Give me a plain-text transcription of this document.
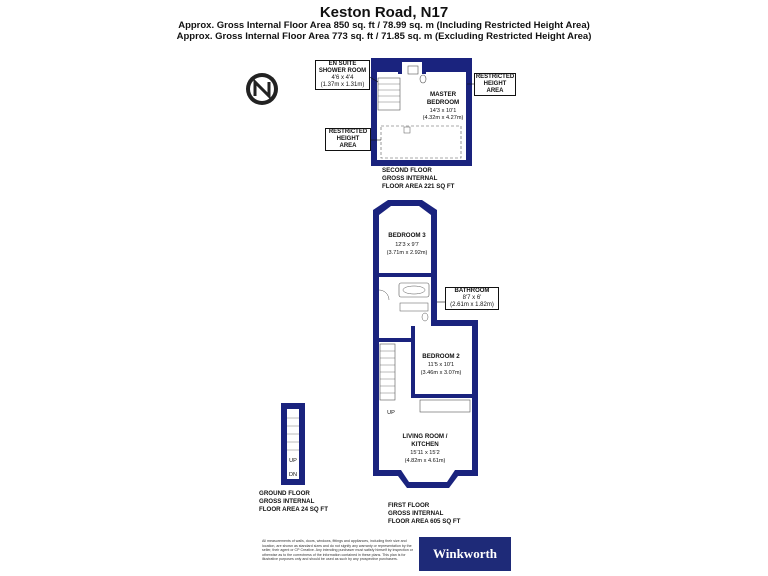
Keston Road, N17
Approx. Gross Internal Floor Area 850 sq. ft / 78.99 sq. m (Including Restricted Height Area)
Approx. Gross Internal Floor Area 773 sq. ft / 71.85 sq. m (Excluding Restricted Height Area)
MASTER
BEDROOM
14'3 x 10'1
(4.32m x 4.27m)
BEDROOM 3
12'3 x 9'7
(3.71m x 2.92m)
BEDROOM 2
11'5 x 10'1
(3.46m x 3.07m)
LIVING ROOM /
KITCHEN
15'11 x 15'2
(4.82m x 4.61m)
UP
UP
DN
EN SUITE
SHOWER ROOM
4'6 x 4'4
(1.37m x 1.31m)
RESTRICTED
HEIGHT
AREA
RESTRICTED
HEIGHT
AREA
BATHROOM
8'7 x 6'
(2.61m x 1.82m)
SECOND FLOOR
GROSS INTERNAL
FLOOR AREA 221 SQ FT
FIRST FLOOR
GROSS INTERNAL
FLOOR AREA 605 SQ FT
GROUND FLOOR
GROSS INTERNAL
FLOOR AREA 24 SQ FT
All measurements of walls, doors, windows, fittings and appliances, including their size and location, are shown as standard sizes and do not signify any warranty or representation by the seller, their agent or CP Creative. Any intending purchaser must satisfy himself by inspection or otherwise as to the correctness of the information contained in these plans. This plan is for illustrative purposes only and should be used as such by any prospective purchasers.	Winkworth
